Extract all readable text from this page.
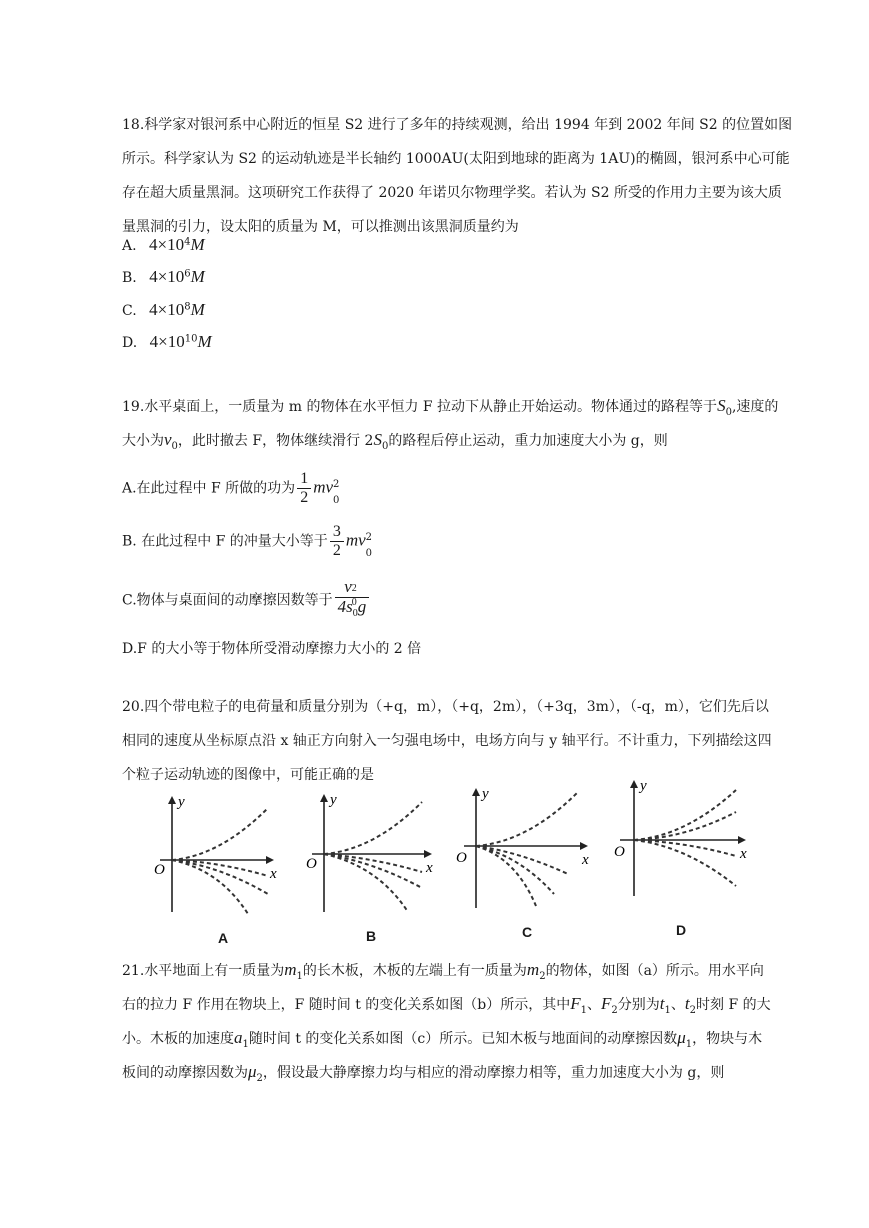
18.科学家对银河系中心附近的恒星 S2 进行了多年的持续观测，给出 1994 年到 2002 年间 S2 的位置如图
所示。科学家认为 S2 的运动轨迹是半长轴约 1000AU(太阳到地球的距离为 1AU)的椭圆，银河系中心可能
存在超大质量黑洞。这项研究工作获得了 2020 年诺贝尔物理学奖。若认为 S2 所受的作用力主要为该大质
量黑洞的引力，设太阳的质量为 M，可以推测出该黑洞质量约为
A. $4\times 10^4M$
B. $4\times 10^6M$
C. $4\times 10^8M$
D. $4\times 10^{10}M$
19.水平桌面上，一质量为 m 的物体在水平恒力 F 拉动下从静止开始运动。物体通过的路程等于$S_0$,速度的
大小为$v_0$，此时撤去 F，物体继续滑行 $2S_0$的路程后停止运动，重力加速度大小为 g，则
A.在此过程中 F 所做的功为 $\frac{1}{2}$ mv 2
0
B. 在此过程中 F 的冲量大小等于 $\frac{3}{2}$ mv 2
0
C.物体与桌面间的动摩擦因数等于 v 2
0
$4s_0g$
D.F 的大小等于物体所受滑动摩擦力大小的 2 倍
20.四个带电粒子的电荷量和质量分别为（+q，m），（+q，2m），（+3q，3m），（-q，m），它们先后以
相同的速度从坐标原点沿 x 轴正方向射入一匀强电场中，电场方向与 y 轴平行。不计重力，下列描绘这四
个粒子运动轨迹的图像中，可能正确的是
O
y
x
A
O
y
x
B
O
y
x
C
O
y
x
D
21.水平地面上有一质量为$m_1$的长木板，木板的左端上有一质量为$m_2$的物体，如图（a）所示。用水平向
右的拉力 F 作用在物块上，F 随时间 t 的变化关系如图（b）所示，其中$F_1$、$F_2$分别为$t_1$、$t_2$时刻 F 的大
小。木板的加速度$a_1$随时间 t 的变化关系如图（c）所示。已知木板与地面间的动摩擦因数$\mu_1$，物块与木
板间的动摩擦因数为$\mu_2$，假设最大静摩擦力均与相应的滑动摩擦力相等，重力加速度大小为 g，则
